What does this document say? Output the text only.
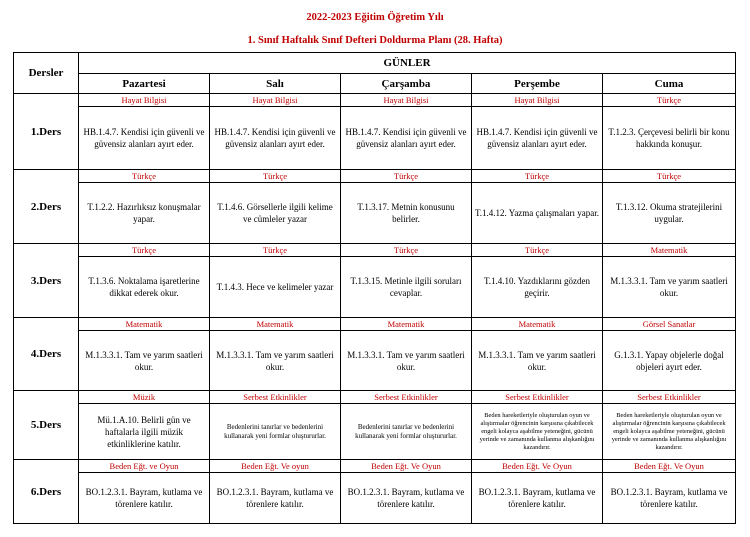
2022-2023 Eğitim Öğretim Yılı
1. Sınıf Haftalık Sınıf Defteri Doldurma Planı (28. Hafta)
Dersler	GÜNLER				
	Pazartesi	Salı	Çarşamba	Perşembe	Cuma
1.Ders	Hayat Bilgisi	Hayat Bilgisi	Hayat Bilgisi	Hayat Bilgisi	Türkçe
	HB.1.4.7. Kendisi için güvenli ve güvensiz alanları ayırt eder.	HB.1.4.7. Kendisi için güvenli ve güvensiz alanları ayırt eder.	HB.1.4.7. Kendisi için güvenli ve güvensiz alanları ayırt eder.	HB.1.4.7. Kendisi için güvenli ve güvensiz alanları ayırt eder.	T.1.2.3. Çerçevesi belirli bir konu hakkında konuşur.
2.Ders	Türkçe	Türkçe	Türkçe	Türkçe	Türkçe
	T.1.2.2. Hazırlıksız konuşmalar yapar.	T.1.4.6. Görsellerle ilgili kelime ve cümleler yazar	T.1.3.17. Metnin konusunu belirler.	T.1.4.12. Yazma çalışmaları yapar.	T.1.3.12. Okuma stratejilerini uygular.
3.Ders	Türkçe	Türkçe	Türkçe	Türkçe	Matematik
	T.1.3.6. Noktalama işaretlerine dikkat ederek okur.	T.1.4.3. Hece ve kelimeler yazar	T.1.3.15. Metinle ilgili soruları cevaplar.	T.1.4.10. Yazdıklarını gözden geçirir.	M.1.3.3.1. Tam ve yarım saatleri okur.
4.Ders	Matematik	Matematik	Matematik	Matematik	Görsel Sanatlar
	M.1.3.3.1. Tam ve yarım saatleri okur.	M.1.3.3.1. Tam ve yarım saatleri okur.	M.1.3.3.1. Tam ve yarım saatleri okur.	M.1.3.3.1. Tam ve yarım saatleri okur.	G.1.3.1. Yapay objelerle doğal objeleri ayırt eder.
5.Ders	Müzik	Serbest Etkinlikler	Serbest Etkinlikler	Serbest Etkinlikler	Serbest Etkinlikler
	Mü.1.A.10. Belirli gün ve haftalarla ilgili müzik etkinliklerine katılır.	Bedenlerini tanırlar ve bedenlerini kullanarak yeni formlar oluştururlar.	Bedenlerini tanırlar ve bedenlerini kullanarak yeni formlar oluştururlar.	Beden hareketleriyle oluşturulan oyun ve alıştırmalar öğrencinin karşısına çıkabilecek engeli kolayca aşabilme yeteneğini, gücünü yerinde ve zamanında kullanma alışkanlığını kazandırır.	Beden hareketleriyle oluşturulan oyun ve alıştırmalar öğrencinin karşısına çıkabilecek engeli kolayca aşabilme yeteneğini, gücünü yerinde ve zamanında kullanma alışkanlığını kazandırır.
6.Ders	Beden Eğt. ve Oyun	Beden Eğt. Ve oyun	Beden Eğt. Ve Oyun	Beden Eğt. Ve Oyun	Beden Eğt. Ve Oyun
	BO.1.2.3.1. Bayram, kutlama ve törenlere katılır.	BO.1.2.3.1. Bayram, kutlama ve törenlere katılır.	BO.1.2.3.1. Bayram, kutlama ve törenlere katılır.	BO.1.2.3.1. Bayram, kutlama ve törenlere katılır.	BO.1.2.3.1. Bayram, kutlama ve törenlere katılır.
